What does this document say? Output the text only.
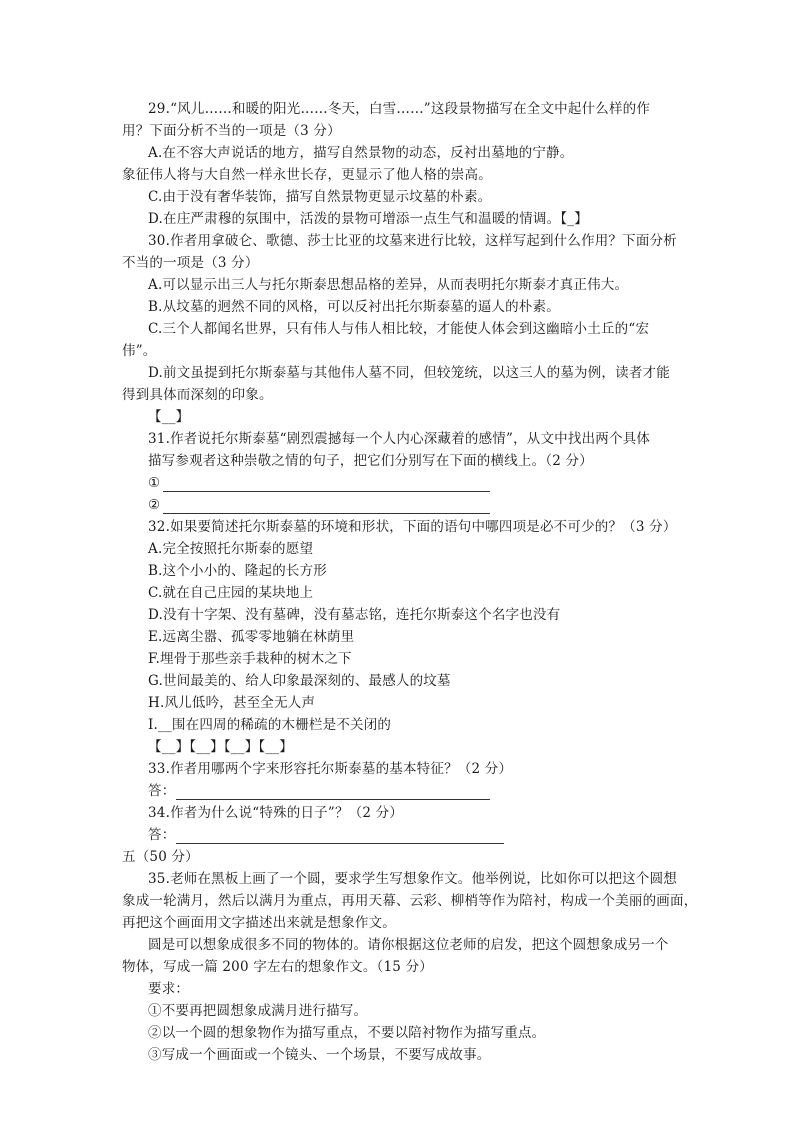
29.“风儿……和暖的阳光……冬天，白雪……”这段景物描写在全文中起什么样的作
用？下面分析不当的一项是（3 分）
A.在不容大声说话的地方，描写自然景物的动态，反衬出墓地的宁静。
象征伟人将与大自然一样永世长存，更显示了他人格的崇高。
C.由于没有奢华装饰，描写自然景物更显示坟墓的朴素。
D.在庄严肃穆的氛围中，活泼的景物可增添一点生气和温暖的情调。【_】
30.作者用拿破仑、歌德、莎士比亚的坟墓来进行比较，这样写起到什么作用？下面分析
不当的一项是（3 分）
A.可以显示出三人与托尔斯泰思想品格的差异，从而表明托尔斯泰才真正伟大。
B.从坟墓的迥然不同的风格，可以反衬出托尔斯泰墓的逼人的朴素。
C.三个人都闻名世界，只有伟人与伟人相比较，才能使人体会到这幽暗小土丘的“宏
伟”。
D.前文虽提到托尔斯泰墓与其他伟人墓不同，但较笼统，以这三人的墓为例，读者才能
得到具体而深刻的印象。
【__】
31.作者说托尔斯泰墓“剧烈震撼每一个人内心深藏着的感情”，从文中找出两个具体
描写参观者这种崇敬之情的句子，把它们分别写在下面的横线上。（2 分）
①
②
32.如果要简述托尔斯泰墓的环境和形状，下面的语句中哪四项是必不可少的？（3 分）
A.完全按照托尔斯泰的愿望
B.这个小小的、隆起的长方形
C.就在自己庄园的某块地上
D.没有十字架、没有墓碑，没有墓志铭，连托尔斯泰这个名字也没有
E.远离尘嚣、孤零零地躺在林荫里
F.埋骨于那些亲手栽种的树木之下
G.世间最美的、给人印象最深刻的、最感人的坟墓
H.风儿低吟，甚至全无人声
I.__围在四周的稀疏的木栅栏是不关闭的
【__】【__】【__】【__】
33.作者用哪两个字来形容托尔斯泰墓的基本特征？（2 分）
答：
34.作者为什么说“特殊的日子”？（2 分）
答：
五（50 分）
35.老师在黑板上画了一个圆，要求学生写想象作文。他举例说，比如你可以把这个圆想
象成一轮满月，然后以满月为重点，再用天幕、云彩、柳梢等作为陪衬，构成一个美丽的画面，
再把这个画面用文字描述出来就是想象作文。
圆是可以想象成很多不同的物体的。请你根据这位老师的启发，把这个圆想象成另一个
物体，写成一篇 200 字左右的想象作文。（15 分）
要求：
①不要再把圆想象成满月进行描写。
②以一个圆的想象物作为描写重点，不要以陪衬物作为描写重点。
③写成一个画面或一个镜头、一个场景，不要写成故事。
